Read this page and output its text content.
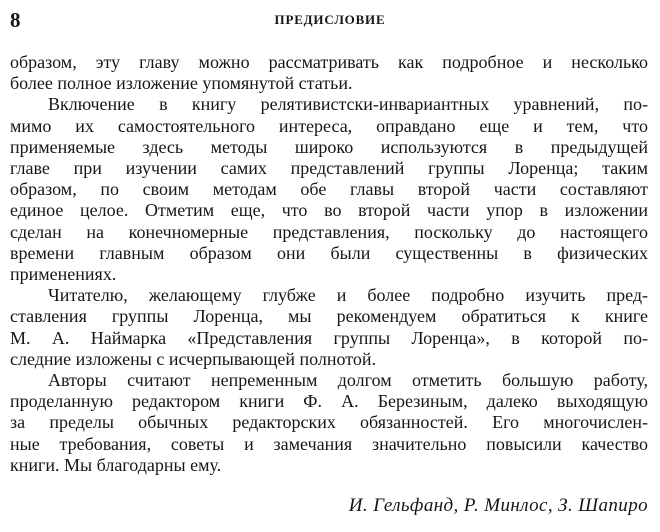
8	ПРЕДИСЛОВИЕ

образом, эту главу можно рассматривать как подробное и несколько
более полное изложение упомянутой статьи.

Включение в книгу релятивистски-инвариантных уравнений, по-
мимо их самостоятельного интереса, оправдано еще и тем, что
применяемые здесь методы широко используются в предыдущей
главе при изучении самих представлений группы Лоренца; таким
образом, по своим методам обе главы второй части составляют
единое целое. Отметим еще, что во второй части упор в изложении
сделан на конечномерные представления, поскольку до настоящего
времени главным образом они были существенны в физических
применениях.

Читателю, желающему глубже и более подробно изучить пред-
ставления группы Лоренца, мы рекомендуем обратиться к книге
М. А. Наймарка «Представления группы Лоренца», в которой по-
следние изложены с исчерпывающей полнотой.

Авторы считают непременным долгом отметить большую работу,
проделанную редактором книги Ф. А. Березиным, далеко выходящую
за пределы обычных редакторских обязанностей. Его многочислен-
ные требования, советы и замечания значительно повысили качество
книги. Мы благодарны ему.

И. Гельфанд, Р. Минлос, З. Шапиро
